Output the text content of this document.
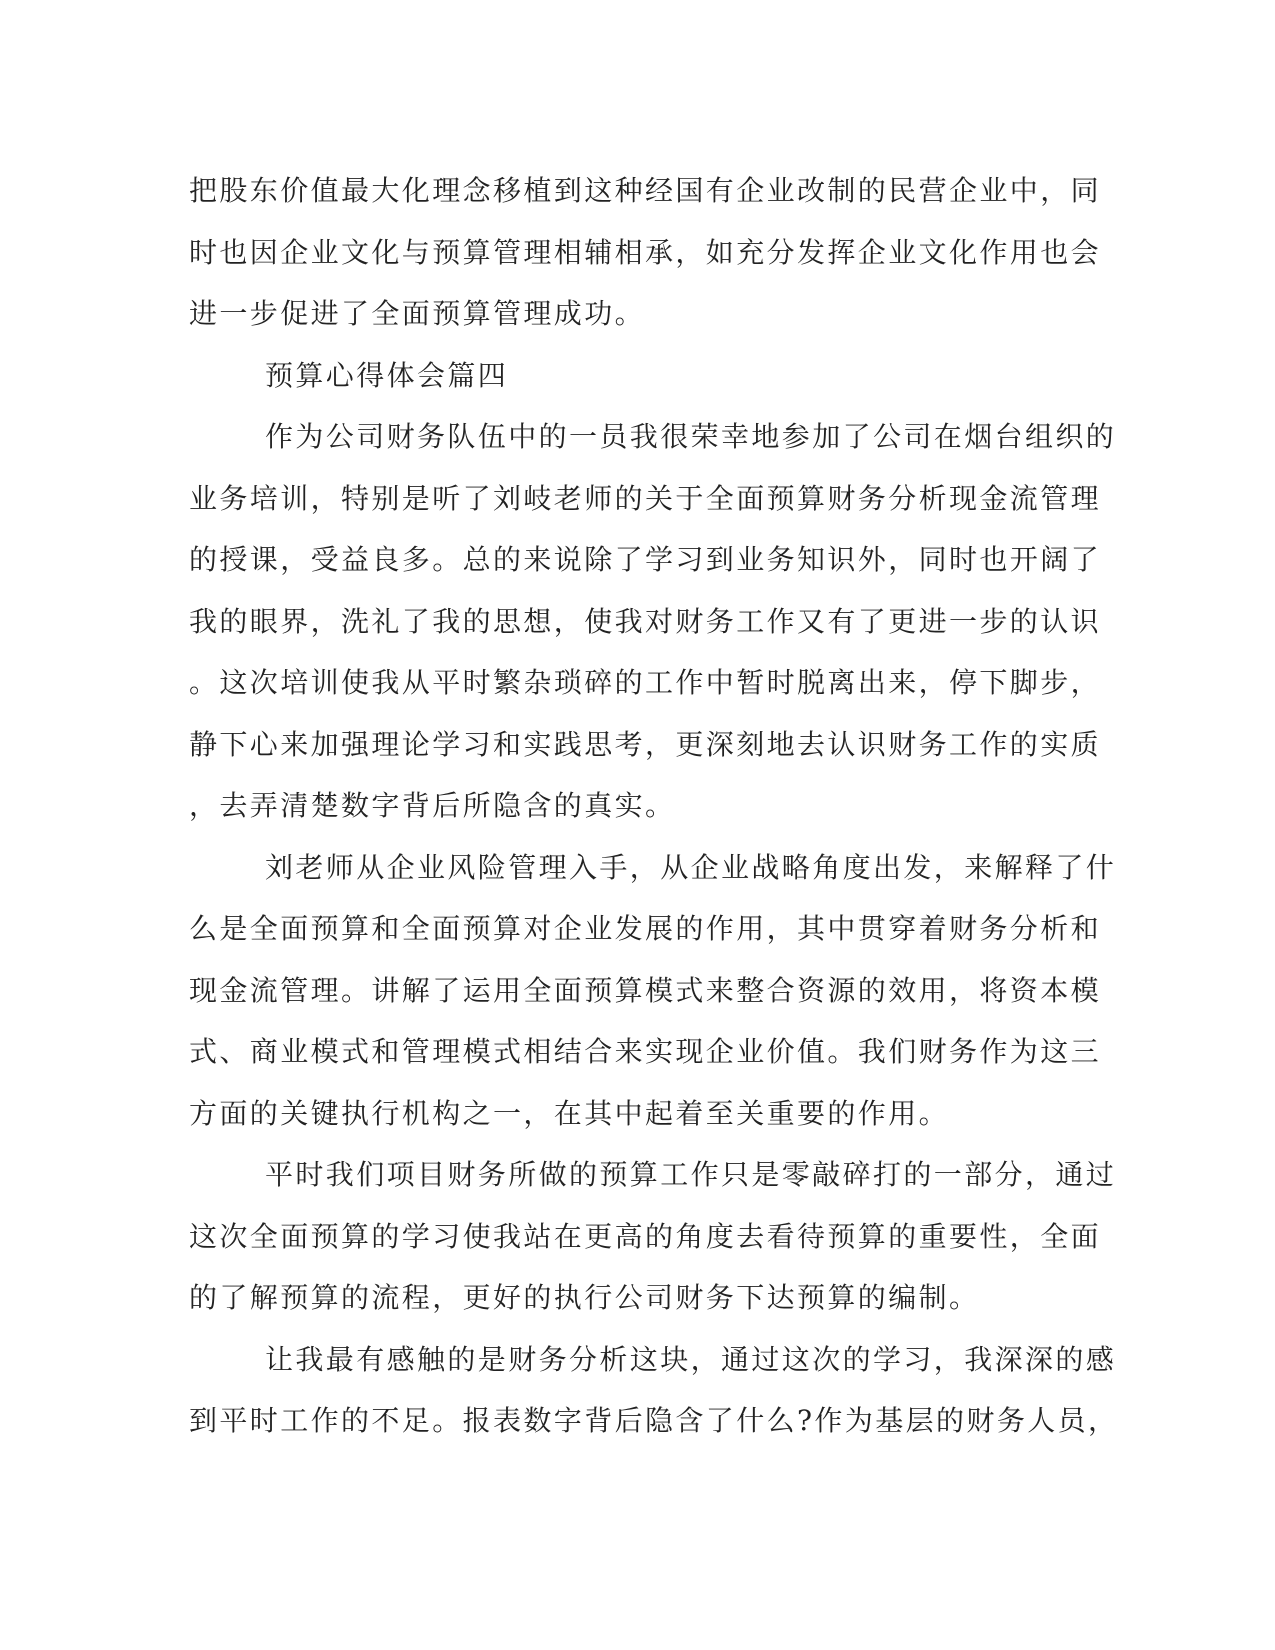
把股东价值最大化理念移植到这种经国有企业改制的民营企业中，同
时也因企业文化与预算管理相辅相承，如充分发挥企业文化作用也会
进一步促进了全面预算管理成功。
预算心得体会篇四
作为公司财务队伍中的一员我很荣幸地参加了公司在烟台组织的
业务培训，特别是听了刘岐老师的关于全面预算财务分析现金流管理
的授课，受益良多。总的来说除了学习到业务知识外，同时也开阔了
我的眼界，洗礼了我的思想，使我对财务工作又有了更进一步的认识
。这次培训使我从平时繁杂琐碎的工作中暂时脱离出来，停下脚步，
静下心来加强理论学习和实践思考，更深刻地去认识财务工作的实质
，去弄清楚数字背后所隐含的真实。
刘老师从企业风险管理入手，从企业战略角度出发，来解释了什
么是全面预算和全面预算对企业发展的作用，其中贯穿着财务分析和
现金流管理。讲解了运用全面预算模式来整合资源的效用，将资本模
式、商业模式和管理模式相结合来实现企业价值。我们财务作为这三
方面的关键执行机构之一，在其中起着至关重要的作用。
平时我们项目财务所做的预算工作只是零敲碎打的一部分，通过
这次全面预算的学习使我站在更高的角度去看待预算的重要性，全面
的了解预算的流程，更好的执行公司财务下达预算的编制。
让我最有感触的是财务分析这块，通过这次的学习，我深深的感
到平时工作的不足。报表数字背后隐含了什么?作为基层的财务人员，
